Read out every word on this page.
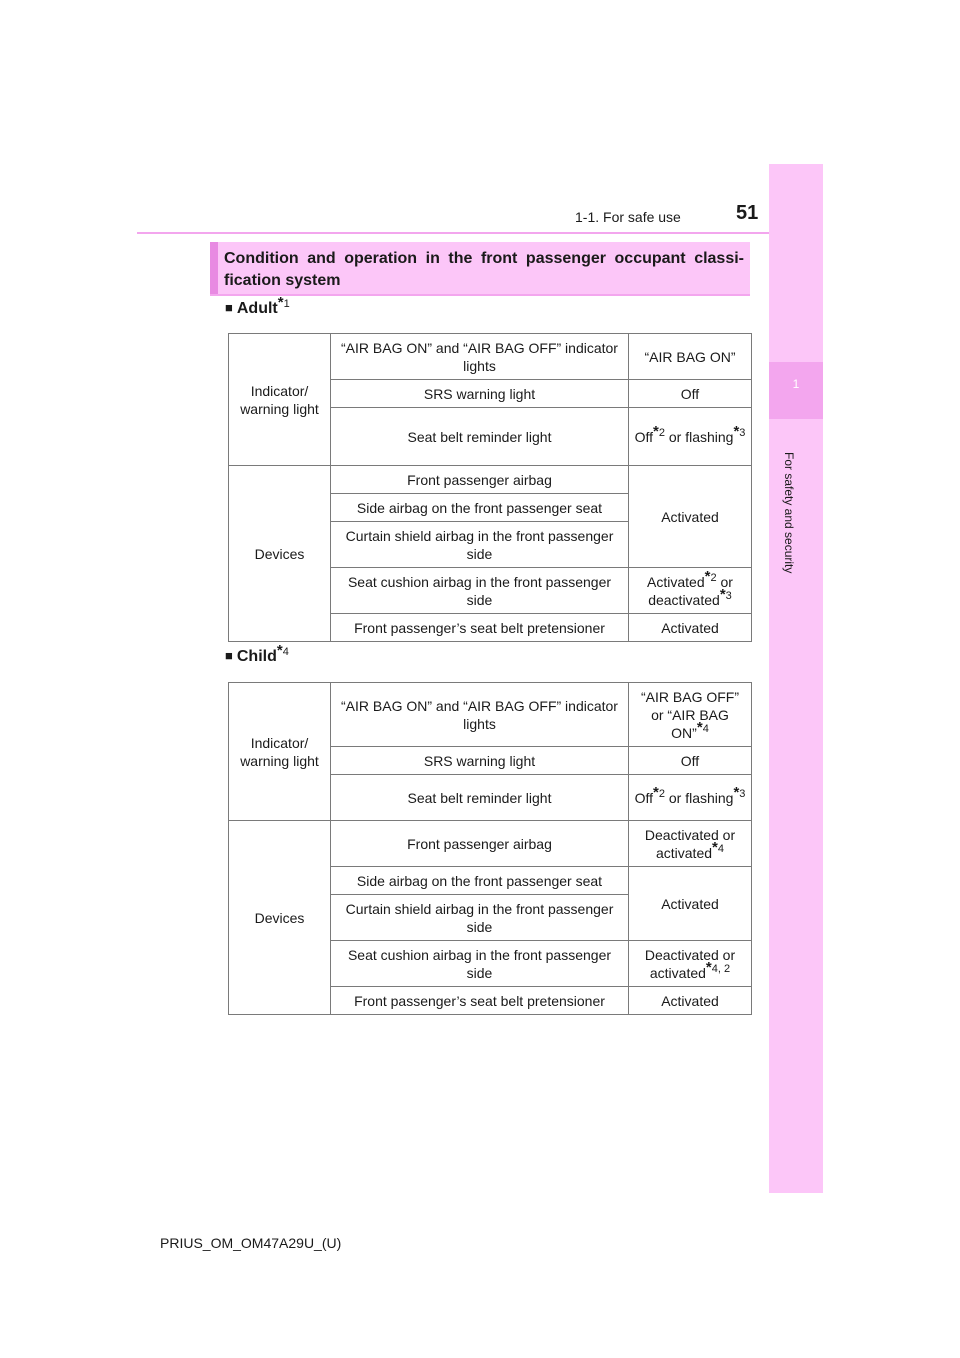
1-1. For safe use	51
1
For safety and security
Condition and operation in the front passenger occupant classi-fication system
■ Adult$^{*1}$
Indicator/ warning light	“AIR BAG ON” and “AIR BAG OFF” indicator lights	“AIR BAG ON”
	SRS warning light	Off
	Seat belt reminder light	Off$^{*2}$ or flashing$^{*3}$
Devices	Front passenger airbag	Activated
	Side airbag on the front passenger seat	
	Curtain shield airbag in the front passenger side	
	Seat cushion airbag in the front passenger side	Activated$^{*2}$ or deactivated$^{*3}$
	Front passenger’s seat belt pretensioner	Activated
■ Child$^{*4}$
Indicator/ warning light	“AIR BAG ON” and “AIR BAG OFF” indicator lights	“AIR BAG OFF” or “AIR BAG ON”$^{*4}$
	SRS warning light	Off
	Seat belt reminder light	Off$^{*2}$ or flashing$^{*3}$
Devices	Front passenger airbag	Deactivated or activated$^{*4}$
	Side airbag on the front passenger seat	Activated
	Curtain shield airbag in the front passenger side	
	Seat cushion airbag in the front passenger side	Deactivated or activated$^{*4, 2}$
	Front passenger’s seat belt pretensioner	Activated
PRIUS_OM_OM47A29U_(U)
